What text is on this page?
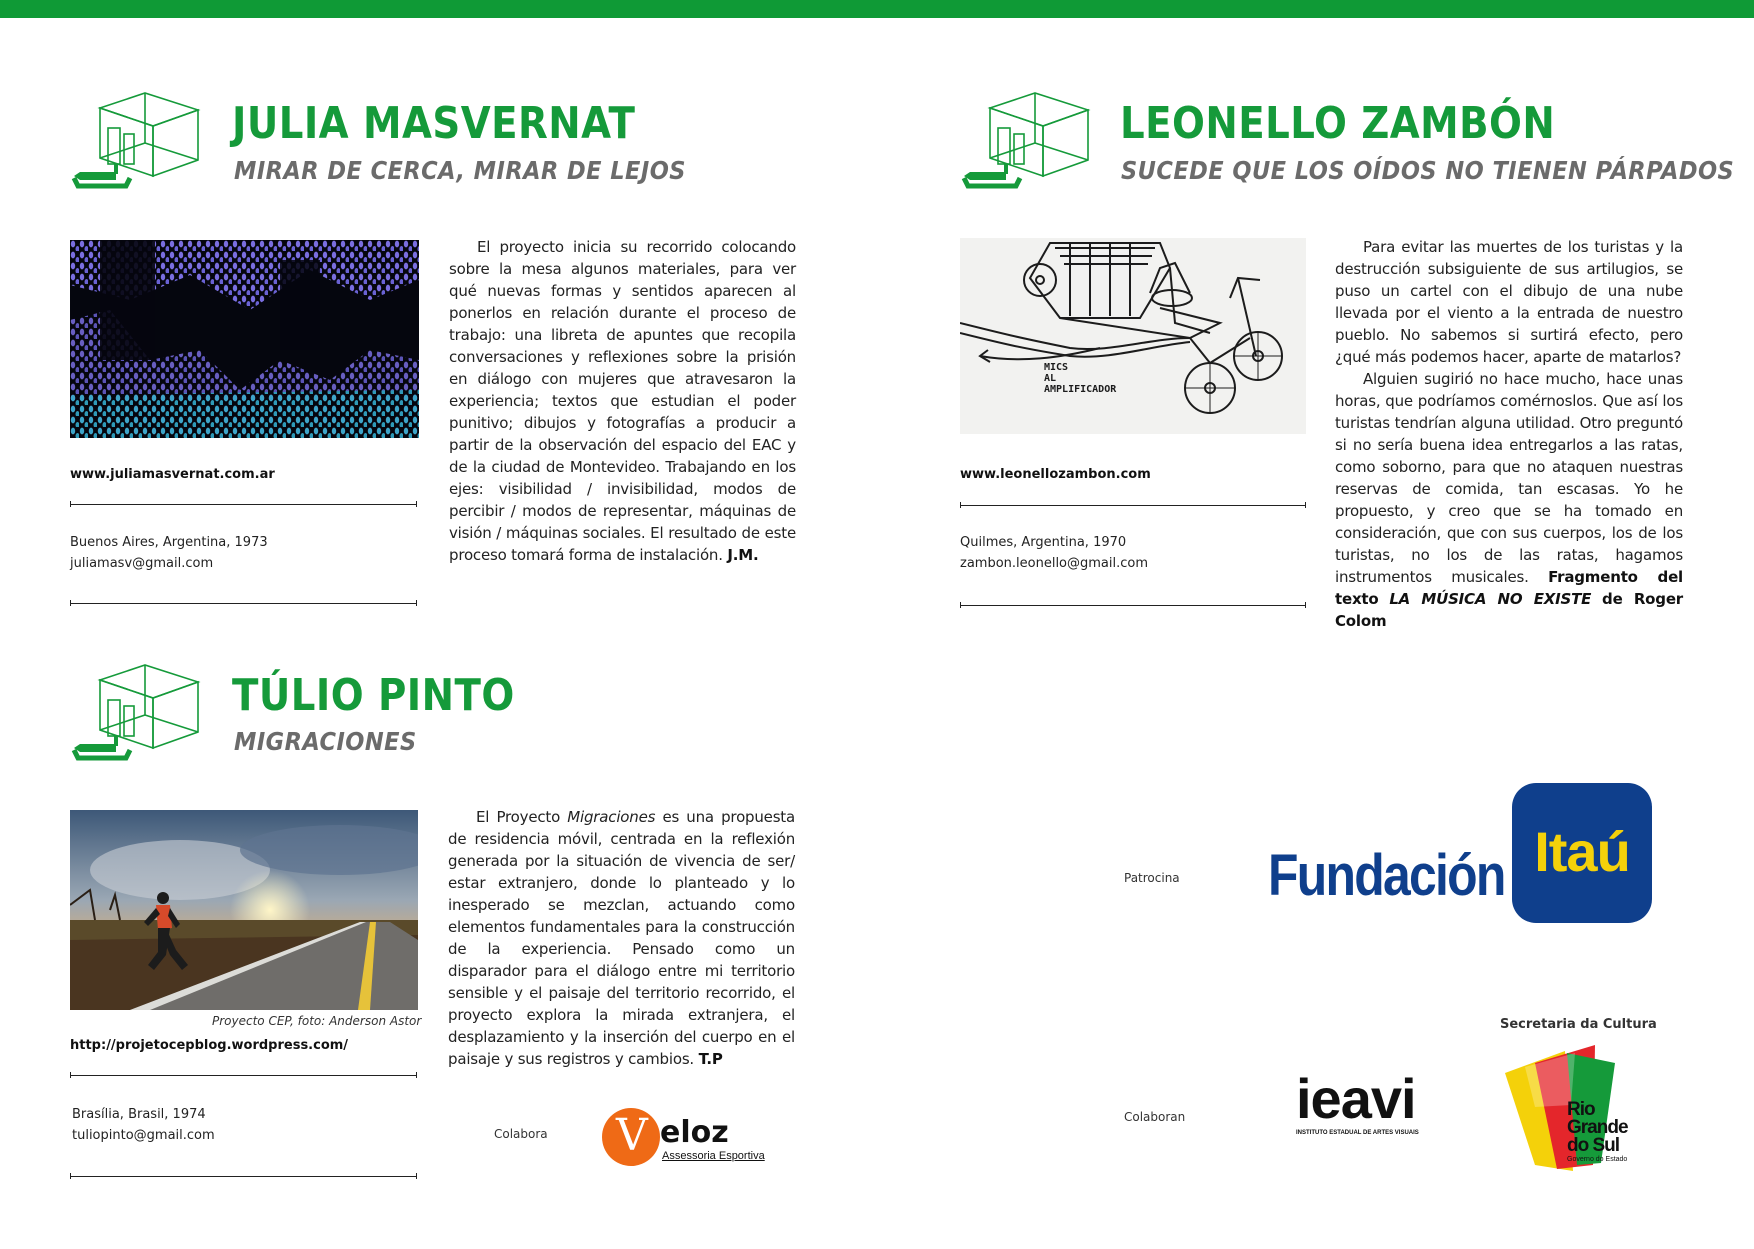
JULIA MASVERNAT
MIRAR DE CERCA, MIRAR DE LEJOS
www.juliamasvernat.com.ar
Buenos Aires, Argentina, 1973
juliamasv@gmail.com
El proyecto inicia su recorrido colocando sobre la mesa algunos materiales, para ver qué nuevas formas y sentidos aparecen al ponerlos en relación durante el proceso de trabajo: una libreta de apuntes que recopila conversaciones y reflexiones sobre la prisión en diálogo con mujeres que atravesaron la experiencia; textos que estudian el poder punitivo; dibujos y fotografías a producir a partir de la observación del espacio del EAC y de la ciudad de Montevideo. Trabajando en los ejes: visibilidad / invisibilidad, modos de percibir / modos de representar, máquinas de visión / máquinas sociales. El resultado de este proceso tomará forma de instalación. J.M.
LEONELLO ZAMBÓN
SUCEDE QUE LOS OÍDOS NO TIENEN PÁRPADOS
MICS
AL
AMPLIFICADOR
www.leonellozambon.com
Quilmes, Argentina, 1970
zambon.leonello@gmail.com

Para evitar las muertes de los turistas y la destrucción subsiguiente de sus artilugios, se puso un cartel con el dibujo de una nube llevada por el viento a la entrada de nuestro pueblo. No sabemos si surtirá efecto, pero ¿qué más podemos hacer, aparte de matarlos?

Alguien sugirió no hace mucho, hace unas horas, que podríamos comérnoslos. Que así los turistas tendrían alguna utilidad. Otro preguntó si no sería buena idea entregarlos a las ratas, como soborno, para que no ataquen nuestras reservas de comida, tan escasas. Yo he propuesto, y creo que se ha tomado en consideración, que con sus cuerpos, los de los turistas, no los de las ratas, hagamos instrumentos musicales. Fragmento del texto LA MÚSICA NO EXISTE de Roger Colom

TÚLIO PINTO
MIGRACIONES
Proyecto CEP, foto: Anderson Astor
http://projetocepblog.wordpress.com/
Brasília, Brasil, 1974
tuliopinto@gmail.com
El Proyecto Migraciones es una propuesta de residencia móvil, centrada en la reflexión generada por la situación de vivencia de ser/ estar extranjero, donde lo planteado y lo inesperado se mezclan, actuando como elementos fundamentales para la construcción de la experiencia. Pensado como un disparador para el diálogo entre mi territorio sensible y el paisaje del territorio recorrido, el proyecto explora la mirada extranjera, el desplazamiento y la inserción del cuerpo en el paisaje y sus registros y cambios. T.P
Colabora V eloz
Assessoria Esportiva
Patrocina Fundación Itaú
Colaboran ieavi
INSTITUTO ESTADUAL DE ARTES VISUAIS
Secretaria da Cultura
Rio
Grande
do Sul
Governo do Estado
